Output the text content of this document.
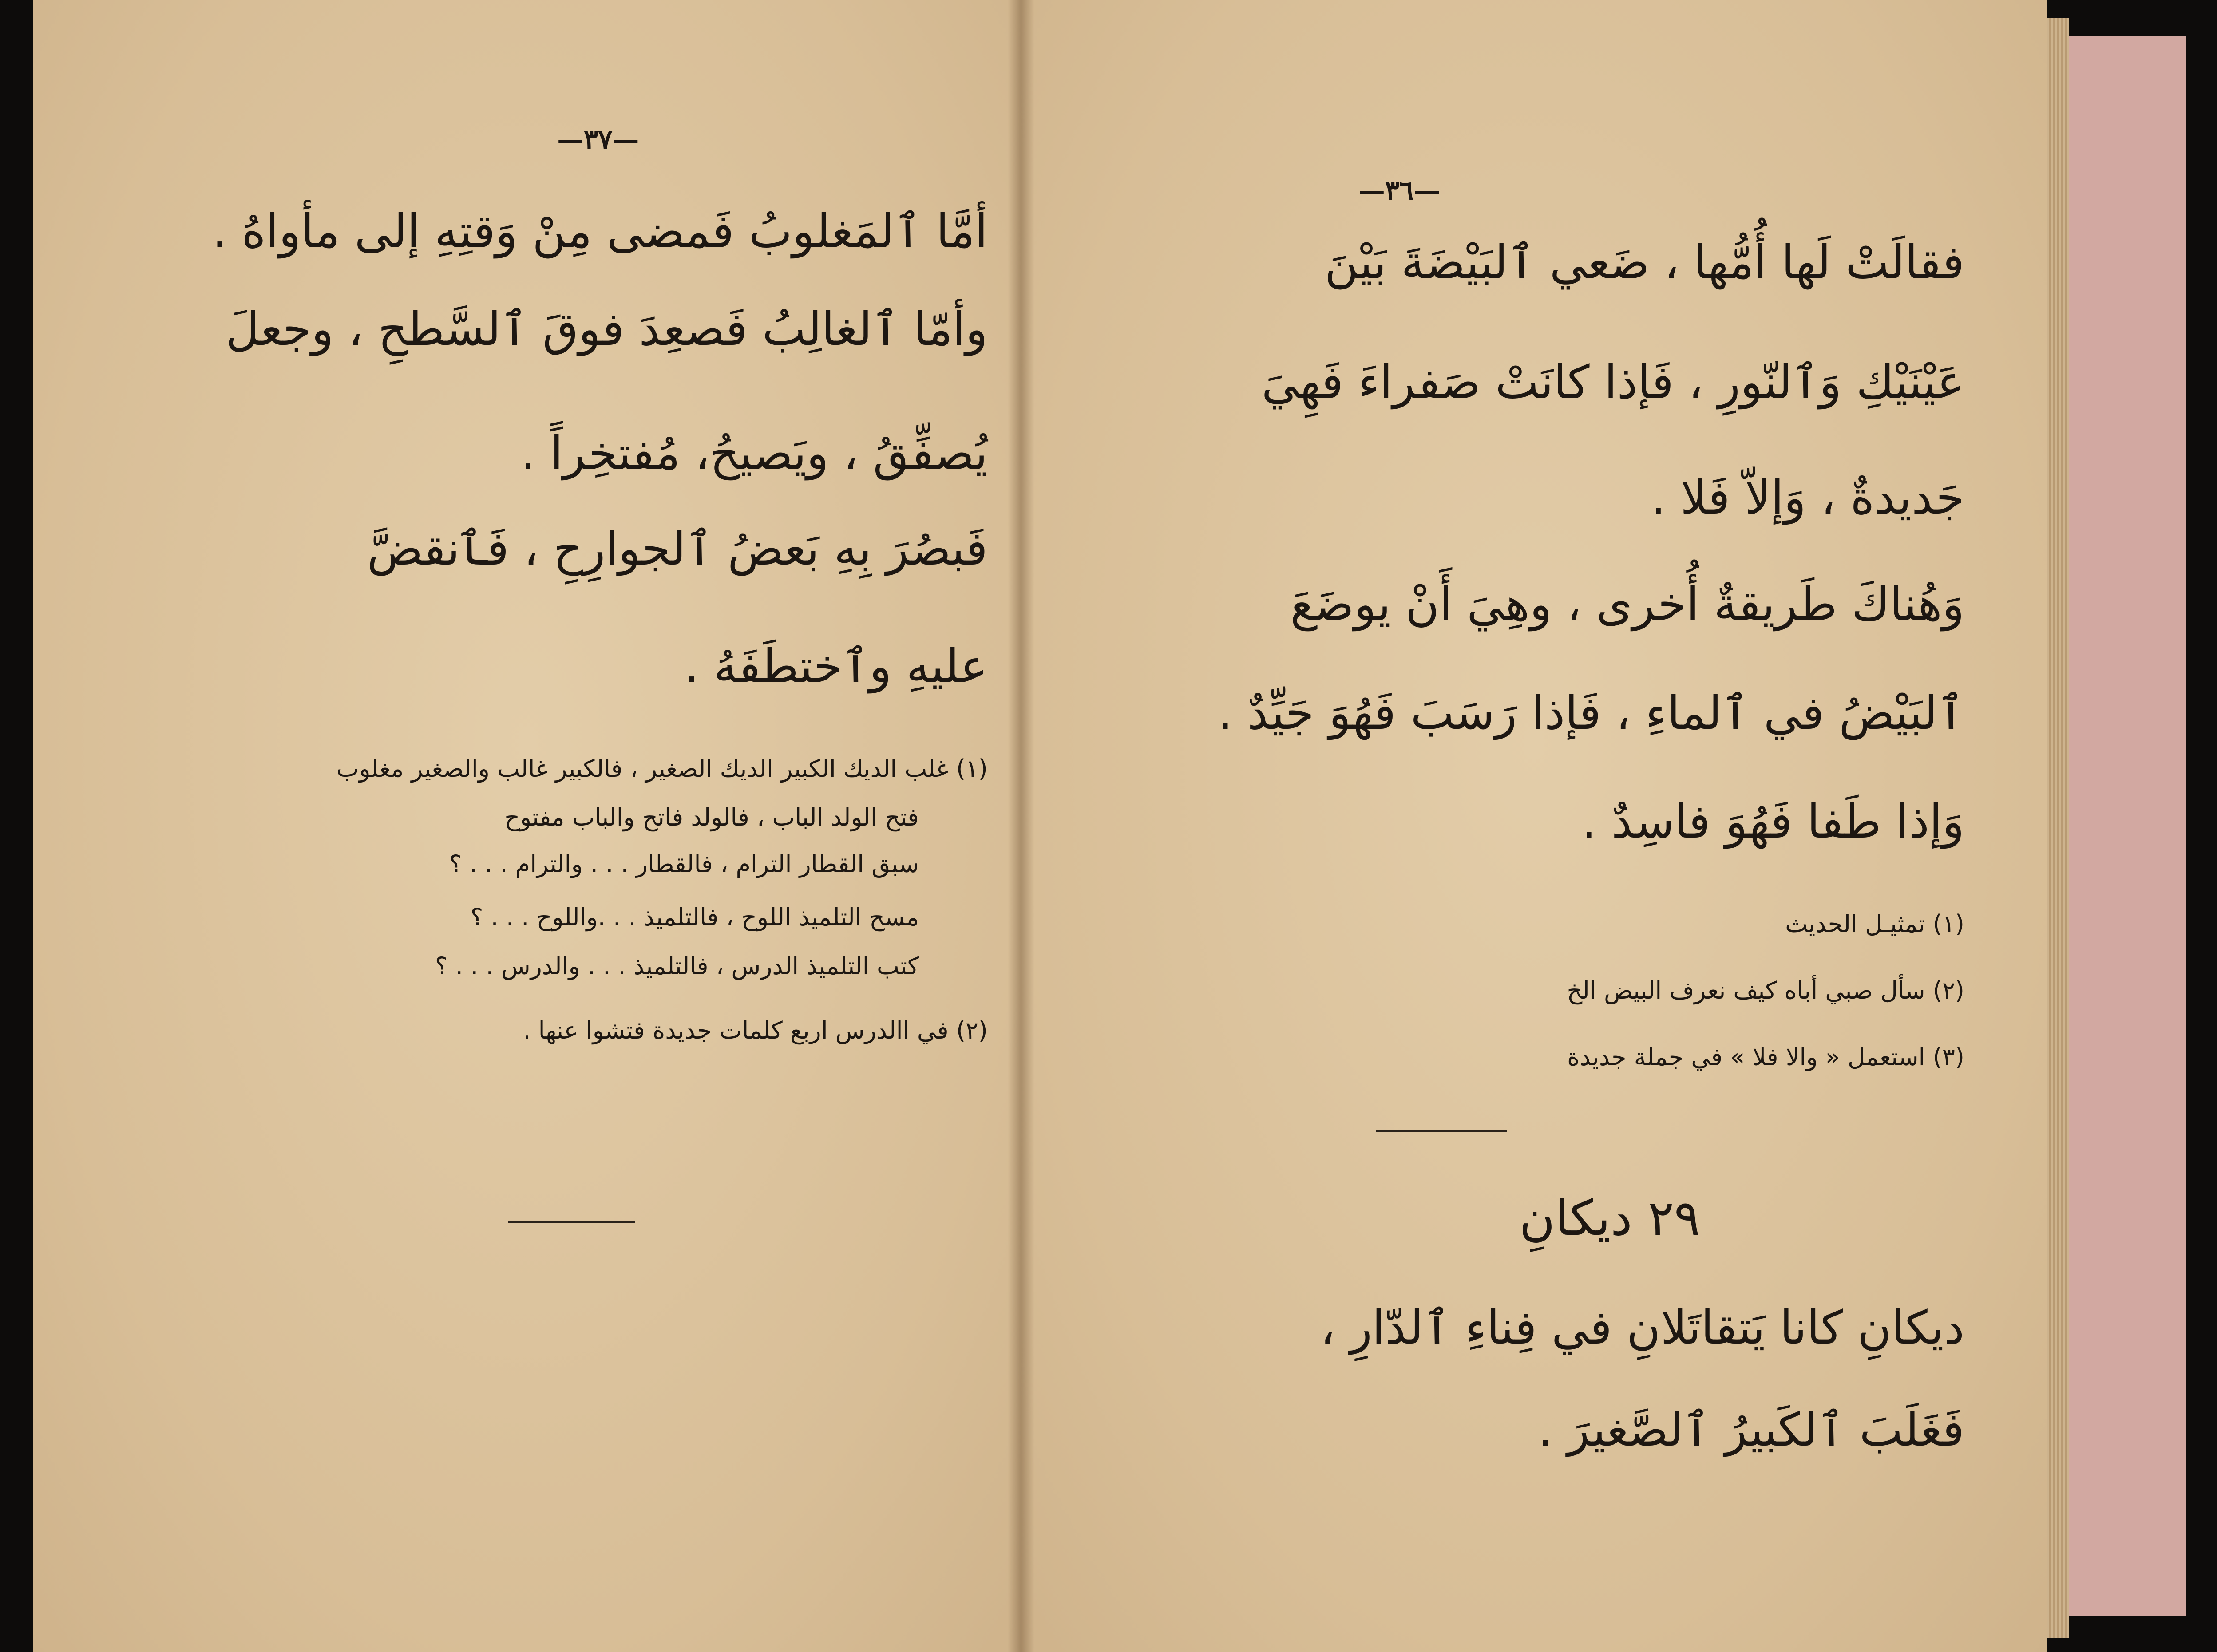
—٣٧—
أمَّا ٱلمَغلوبُ فَمضى مِنْ وَقتِهِ إلى مأواهُ .
وأمّا ٱلغالِبُ فَصعِدَ فوقَ ٱلسَّطحِ ، وجعلَ
يُصفِّقُ ، ويَصيحُ، مُفتخِراً .
فَبصُرَ بِهِ بَعضُ ٱلجوارِحِ ، فَٱنقضَّ
عليهِ وٱختطَفَهُ .
(١) غلب الديك الكبير الديك الصغير ، فالكبير غالب والصغير مغلوب
فتح الولد الباب ، فالولد فاتح والباب مفتوح
سبق القطار الترام ، فالقطار . . . والترام . . . ؟
مسح التلميذ اللوح ، فالتلميذ . . .واللوح . . . ؟
كتب التلميذ الدرس ، فالتلميذ . . . والدرس . . . ؟
(٢) في االدرس اربع كلمات جديدة فتشوا عنها .
—٣٦—
فقالَتْ لَها أُمُّها ، ضَعي ٱلبَيْضَةَ بَيْنَ
عَيْنَيْكِ وَٱلنّورِ ، فَإذا كانَتْ صَفراءَ فَهِيَ
جَديدةٌ ، وَإلاّ فَلا .
وَهُناكَ طَريقةٌ أُخرى ، وهِيَ أَنْ يوضَعَ
ٱلبَيْضُ في ٱلماءِ ، فَإذا رَسَبَ فَهُوَ جَيِّدٌ .
وَإذا طَفا فَهُوَ فاسِدٌ .
(١) تمثيـل الحديث
(٢) سأل صبي أباه كيف نعرف البيض الخ
(٣) استعمل « والا فلا » في جملة جديدة
٢٩ ديكانِ
ديكانِ كانا يَتقاتَلانِ في فِناءِ ٱلدّارِ ،
فَغَلَبَ ٱلكَبيرُ ٱلصَّغيرَ .
